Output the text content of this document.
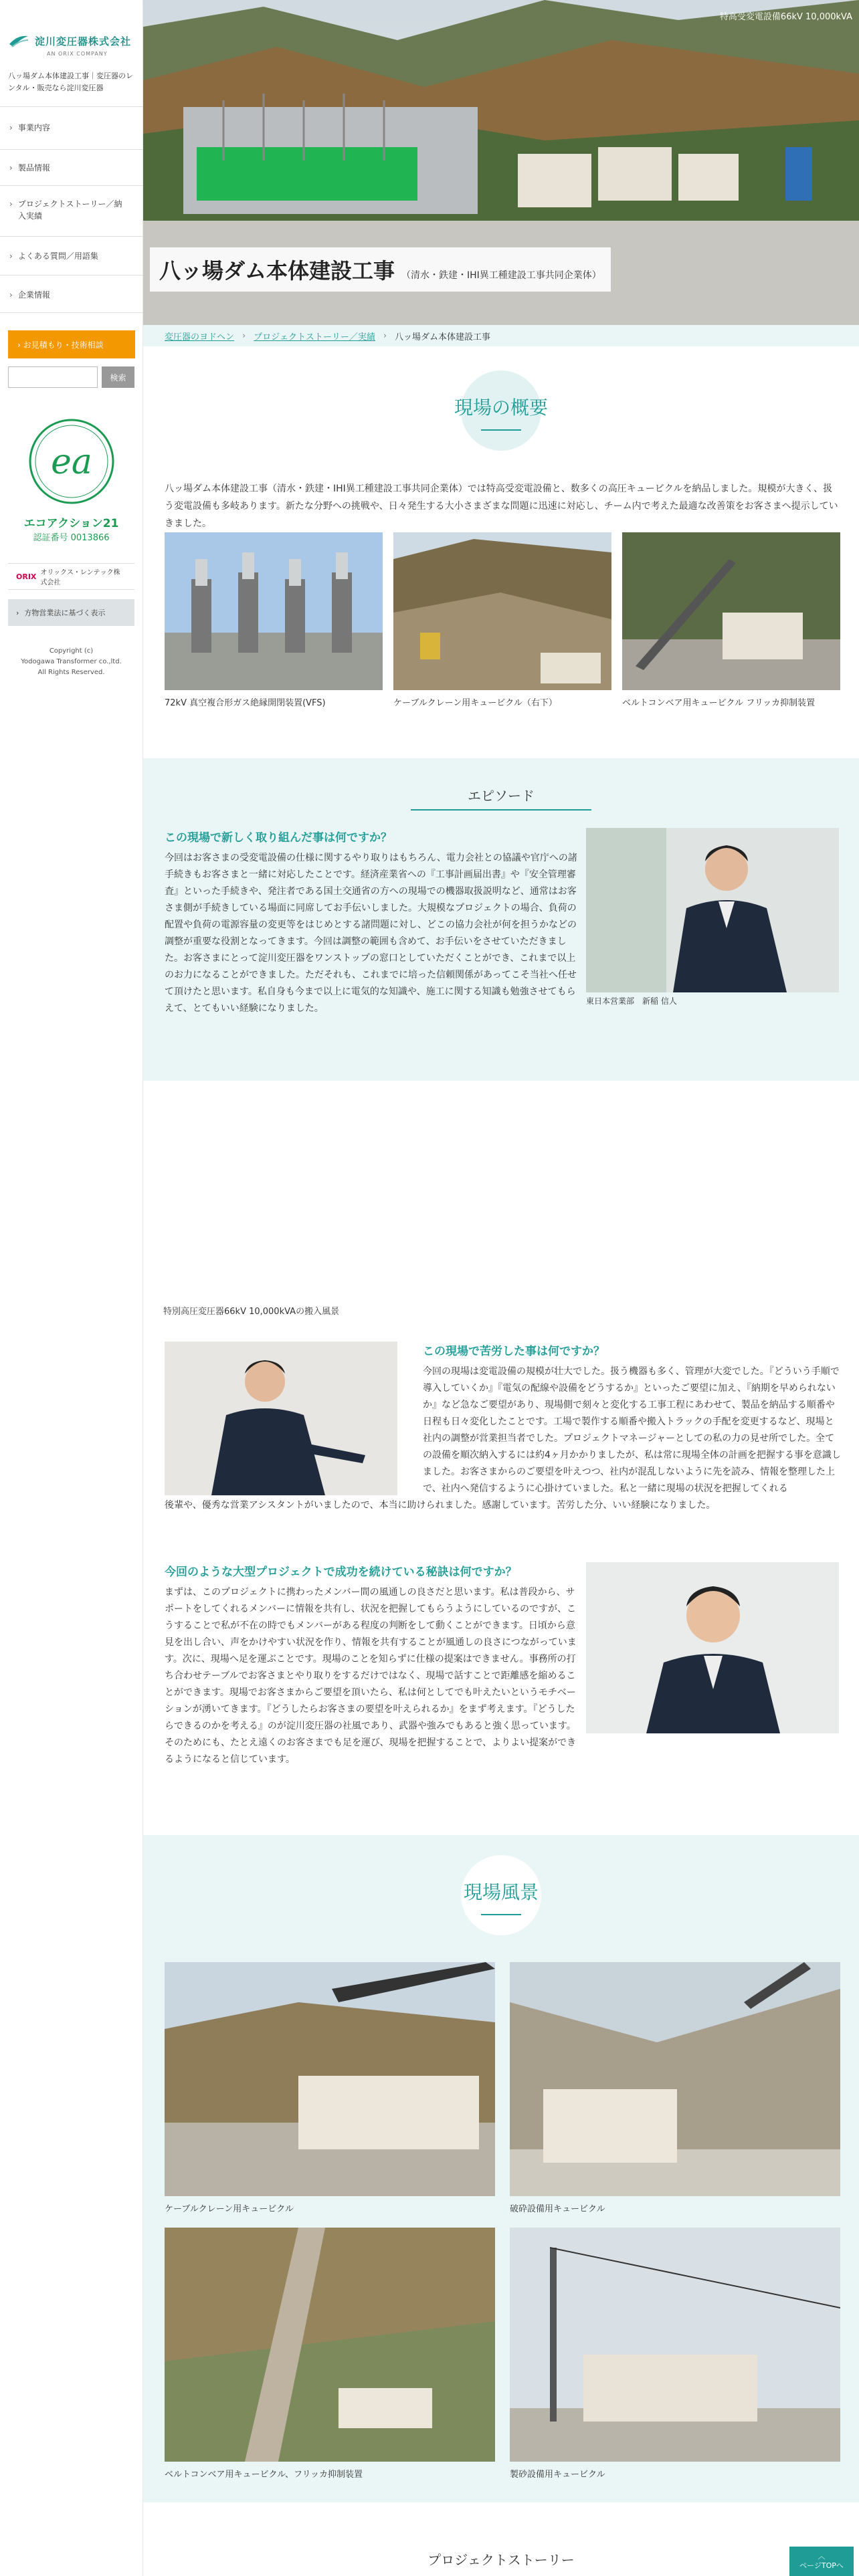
淀川変圧器株式会社
AN ORIX COMPANY
八ッ場ダム本体建設工事｜変圧器のレンタル・販売なら淀川変圧器
› 事業内容
› 製品情報
› プロジェクトストーリー／納入実績
› よくある質問／用語集
› 企業情報
› お見積もり・技術相談
検索
ea
エコアクション21
認証番号 0013866
ORIX オリックス・レンテック株式会社
› 方物営業法に基づく表示
Copyright (c)
Yodogawa Transformer co.,ltd.
All Rights Reserved.
特高受変電設備66kV 10,000kVA
八ッ場ダム本体建設工事 （清水・鉄建・IHI異工種建設工事共同企業体）
変圧器のヨドヘン › プロジェクトストーリー／実績 › 八ッ場ダム本体建設工事
現場の概要

八ッ場ダム本体建設工事（清水・鉄建・IHI異工種建設工事共同企業体）では特高受変電設備と、数多くの高圧キュービクルを納品しました。規模が大きく、扱う変電設備も多岐あります。新たな分野への挑戦や、日々発生する大小さまざまな問題に迅速に対応し、チーム内で考えた最適な改善策をお客さまへ提示していきました。

72kV 真空複合形ガス絶縁開閉装置(VFS)	ケーブルクレーン用キュービクル（右下）	ベルトコンベア用キュービクル フリッカ抑制装置
エピソード
この現場で新しく取り組んだ事は何ですか？

今回はお客さまの受変電設備の仕様に関するやり取りはもちろん、電力会社との協議や官庁への諸手続きもお客さまと一緒に対応したことです。経済産業省への『工事計画届出書』や『安全管理審査』といった手続きや、発注者である国土交通省の方への現場での機器取扱説明など、通常はお客さま側が手続きしている場面に同席してお手伝いしました。大規模なプロジェクトの場合、負荷の配置や負荷の電源容量の変更等をはじめとする諸問題に対し、どこの協力会社が何を担うかなどの調整が重要な役割となってきます。今回は調整の範囲も含めて、お手伝いをさせていただきました。お客さまにとって淀川変圧器をワンストップの窓口としていただくことができ、これまで以上のお力になることができました。ただそれも、これまでに培った信頼関係があってこそ当社へ任せて頂けたと思います。私自身も今まで以上に電気的な知識や、施工に関する知識も勉強させてもらえて、とてもいい経験になりました。

東日本営業部　新稲 信人
特別高圧変圧器66kV 10,000kVAの搬入風景
この現場で苦労した事は何ですか？
今回の現場は変電設備の規模が壮大でした。扱う機器も多く、管理が大変でした。『どういう手順で導入していくか』『電気の配線や設備をどうするか』といったご要望に加え、『納期を早められないか』など急なご要望があり、現場側で刻々と変化する工事工程にあわせて、製品を納品する順番や日程も日々変化したことです。工場で製作する順番や搬入トラックの手配を変更するなど、現場と社内の調整が営業担当者でした。プロジェクトマネージャーとしての私の力の見せ所でした。全ての設備を順次納入するには約4ヶ月かかりましたが、私は常に現場全体の計画を把握する事を意識しました。お客さまからのご要望を叶えつつ、社内が混乱しないように先を読み、情報を整理した上で、社内へ発信するように心掛けていました。私と一緒に現場の状況を把握してくれる
後輩や、優秀な営業アシスタントがいましたので、本当に助けられました。感謝しています。苦労した分、いい経験になりました。
今回のような大型プロジェクトで成功を続けている秘訣は何ですか？

まずは、このプロジェクトに携わったメンバー間の風通しの良さだと思います。私は普段から、サポートをしてくれるメンバーに情報を共有し、状況を把握してもらうようにしているのですが、こうすることで私が不在の時でもメンバーがある程度の判断をして動くことができます。日頃から意見を出し合い、声をかけやすい状況を作り、情報を共有することが風通しの良さにつながっています。次に、現場へ足を運ぶことです。現場のことを知らずに仕様の提案はできません。事務所の打ち合わせテーブルでお客さまとやり取りをするだけではなく、現場で話すことで距離感を縮めることができます。現場でお客さまからご要望を頂いたら、私は何としてでも叶えたいというモチベーションが湧いてきます。『どうしたらお客さまの要望を叶えられるか』をまず考えます。『どうしたらできるのかを考える』のが淀川変圧器の社風であり、武器や強みでもあると強く思っています。そのためにも、たとえ遠くのお客さまでも足を運び、現場を把握することで、よりよい提案ができるようになると信じています。

現場風景
ケーブルクレーン用キュービクル	破砕設備用キュービクル
ベルトコンベア用キュービクル、フリッカ抑制装置	製砂設備用キュービクル
プロジェクトストーリー	︿
ページTOPへ
